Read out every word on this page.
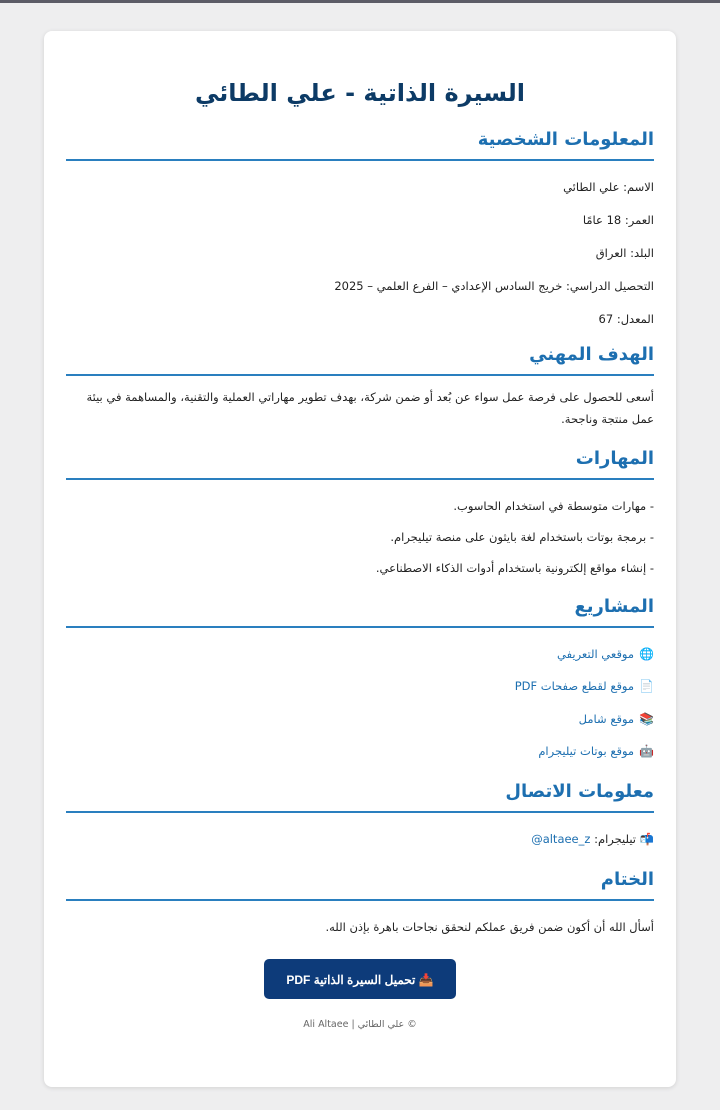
السيرة الذاتية - علي الطائي
المعلومات الشخصية

الاسم: علي الطائي

العمر: 18 عامًا

البلد: العراق

التحصيل الدراسي: خريج السادس الإعدادي – الفرع العلمي – 2025

المعدل: 67

الهدف المهني

أسعى للحصول على فرصة عمل سواء عن بُعد أو ضمن شركة، بهدف تطوير مهاراتي العملية والتقنية، والمساهمة في بيئة عمل منتجة وناجحة.

المهارات

- مهارات متوسطة في استخدام الحاسوب.

- برمجة بوتات باستخدام لغة بايثون على منصة تيليجرام.

- إنشاء مواقع إلكترونية باستخدام أدوات الذكاء الاصطناعي.

المشاريع

🌐موقعي التعريفي

📄موقع لقطع صفحات PDF

📚موقع شامل

🤖موقع بوتات تيليجرام

معلومات الاتصال

📬 تيليجرام: @altaee_z

الختام

أسأل الله أن أكون ضمن فريق عملكم لنحقق نجاحات باهرة بإذن الله.

📥 تحميل السيرة الذاتية PDF

© علي الطائي | Ali Altaee
